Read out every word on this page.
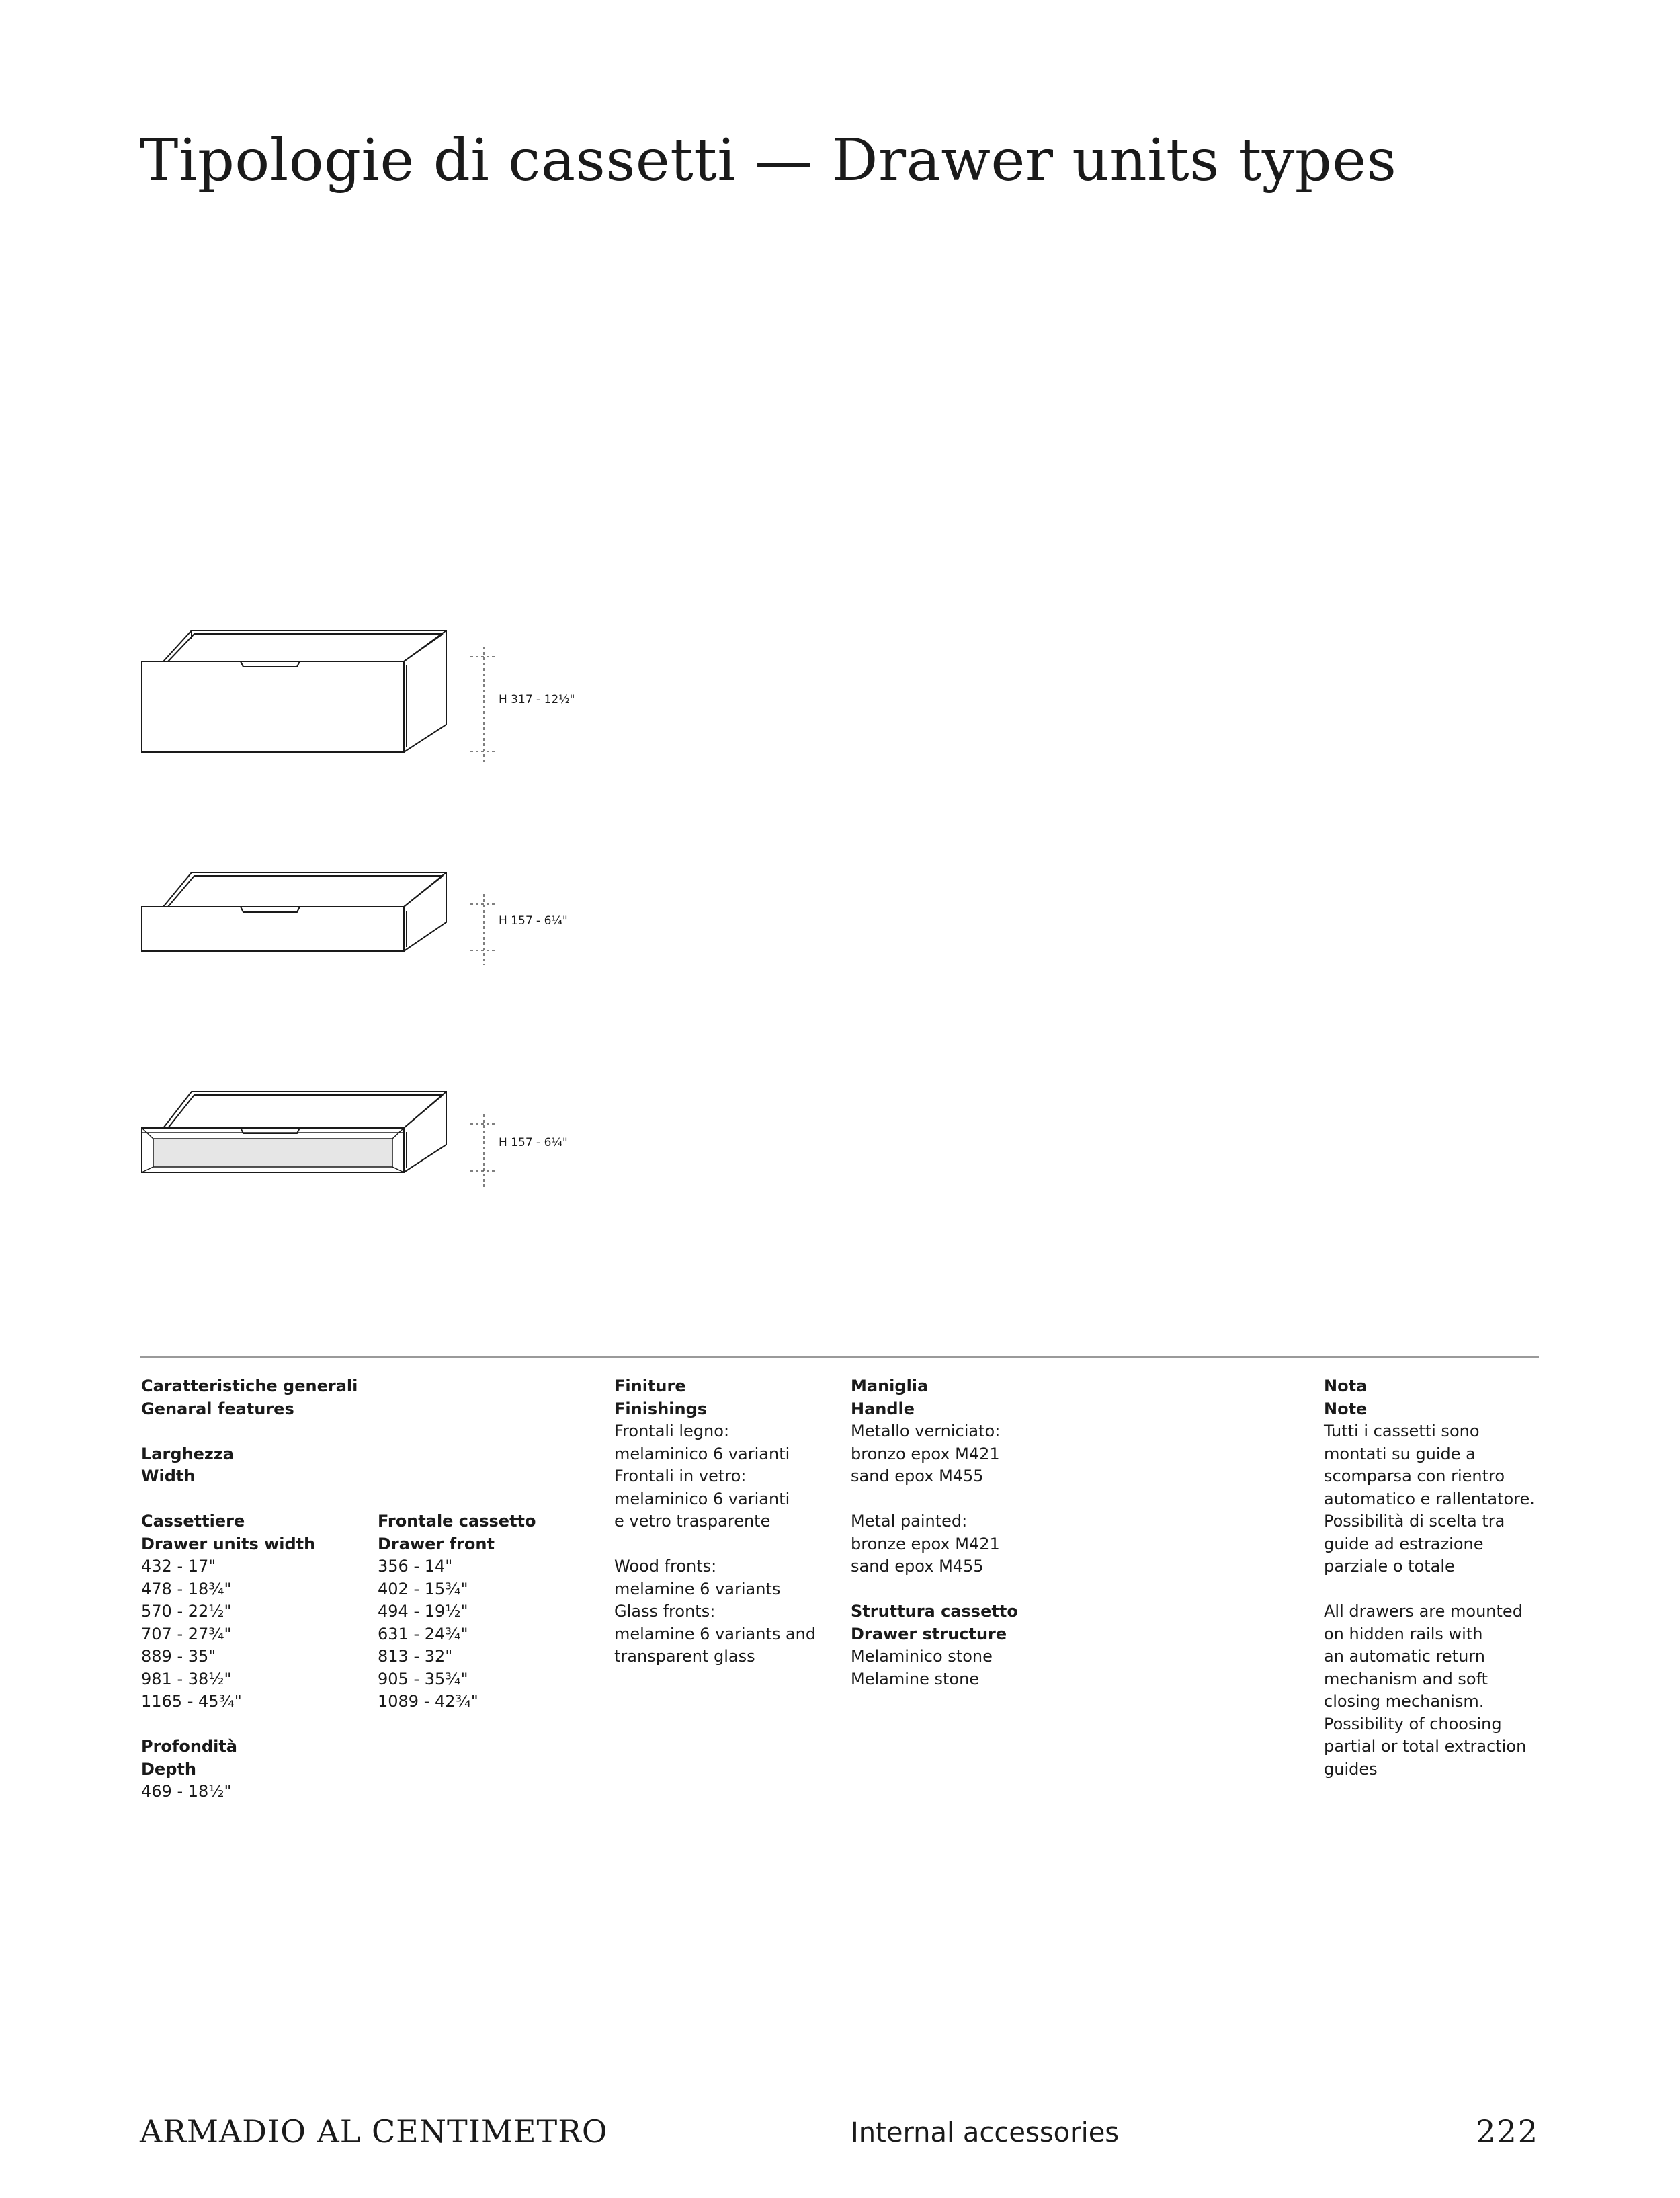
Tipologie di cassetti — Drawer units types
H 317 - 12½"
H 157 - 6¼"
H 157 - 6¼"
Caratteristiche generali
Genaral features
Larghezza
Width
Cassettiere
Drawer units width
432 - 17"
478 - 18¾"
570 - 22½"
707 - 27¾"
889 - 35"
981 - 38½"
1165 - 45¾"
Profondità
Depth
469 - 18½"
Frontale cassetto
Drawer front
356 - 14"
402 - 15¾"
494 - 19½"
631 - 24¾"
813 - 32"
905 - 35¾"
1089 - 42¾"
Finiture
Finishings
Frontali legno:
melaminico 6 varianti
Frontali in vetro:
melaminico 6 varianti
e vetro trasparente
Wood fronts:
melamine 6 variants
Glass fronts:
melamine 6 variants and
transparent glass
Maniglia
Handle
Metallo verniciato:
bronzo epox M421
sand epox M455
Metal painted:
bronze epox M421
sand epox M455
Struttura cassetto
Drawer structure
Melaminico stone
Melamine stone
Nota
Note
Tutti i cassetti sono
montati su guide a
scomparsa con rientro
automatico e rallentatore.
Possibilità di scelta tra
guide ad estrazione
parziale o totale
All drawers are mounted
on hidden rails with
an automatic return
mechanism and soft
closing mechanism.
Possibility of choosing
partial or total extraction
guides
ARMADIO AL CENTIMETRO	Internal accessories	222
